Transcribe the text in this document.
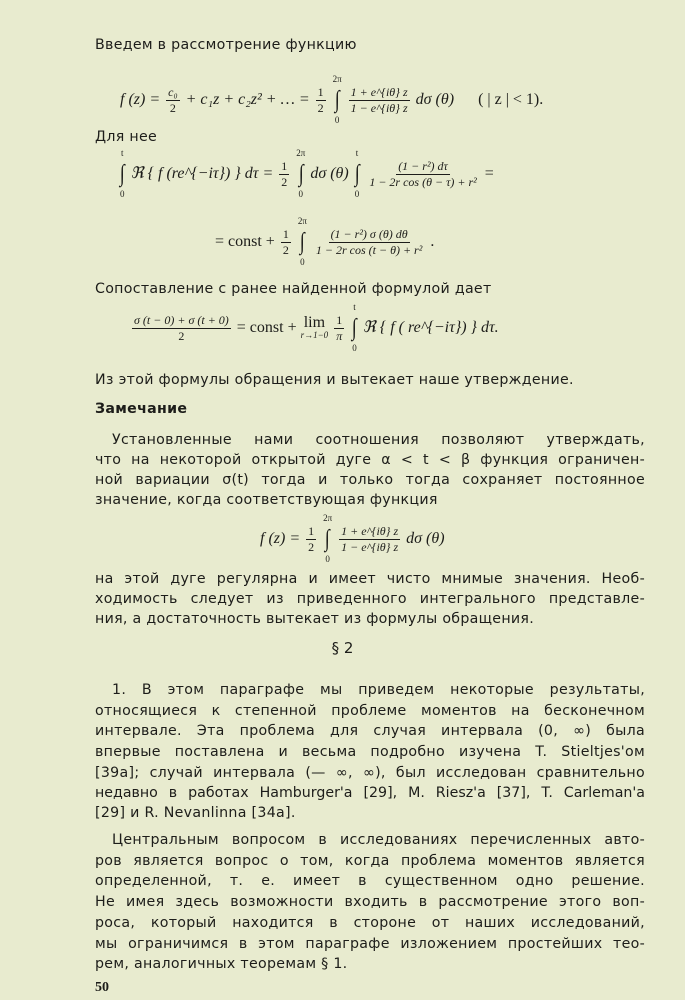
Введем в рассмотрение функцию
f $(z) = \frac{\text{c₀}}{2} + c_1z + c_2z^2$ + … = $\frac{1}{2}$
2π
∫
0
$\frac{1 + e\^{}\{i\theta\} z}{1 - e\^{}\{i\theta\} z}$ dσ (θ) ( | z | < 1).
Для нее
t
∫
0
ℜ { f (re^{−iτ}) } $d\tau = \frac{1}{2}$
2π
∫
0
dσ (θ)
t
∫
0
$\frac{\text{(1 − r²) dτ}}{\text{1 − 2r cos (θ − τ) + r²}}$ =
= const + $\frac{1}{2}$
2π
∫
0
$\frac{\text{(1 − r²) σ (θ) dθ}}{\text{1 − 2r cos (t − θ) + r²}}$ .
Сопоставление с ранее найденной формулой дает
$\frac{\sigma (t - 0) + \sigma (t + 0)}{2}$ = const + lim
$r\to 1-0 \frac{1}{\pi}$
t
∫
0
ℜ { f ( re^{−iτ}) } dτ.
Из этой формулы обращения и вытекает наше утверждение.
Замечание
Установленные нами соотношения позволяют утверждать,
что на некоторой открытой дуге α < t < β функция ограничен-
ной вариации σ(t) тогда и только тогда сохраняет постоянное
значение, когда соответствующая функция
f $(z) = \frac{1}{2}$
2π
∫
0
$\frac{1 + e\^{}\{i\theta\} z}{1 - e\^{}\{i\theta\} z}$ dσ (θ)
на этой дуге регулярна и имеет чисто мнимые значения. Необ-
ходимость следует из приведенного интегрального представле-
ния, а достаточность вытекает из формулы обращения.
§ 2
1. В этом параграфе мы приведем некоторые результаты,
относящиеся к степенной проблеме моментов на бесконечном
интервале. Эта проблема для случая интервала (0, ∞) была
впервые поставлена и весьма подробно изучена T. Stieltjes'ом
[39a]; случай интервала (— ∞, ∞), был исследован сравнительно
недавно в работах Hamburger'a [29], M. Riesz'a [37], T. Carleman'a
[29] и R. Nevanlinna [34a].
Центральным вопросом в исследованиях перечисленных авто-
ров является вопрос о том, когда проблема моментов является
определенной, т. е. имеет в существенном одно решение.
Не имея здесь возможности входить в рассмотрение этого воп-
роса, который находится в стороне от наших исследований,
мы ограничимся в этом параграфе изложением простейших тео-
рем, аналогичных теоремам § 1.
50
